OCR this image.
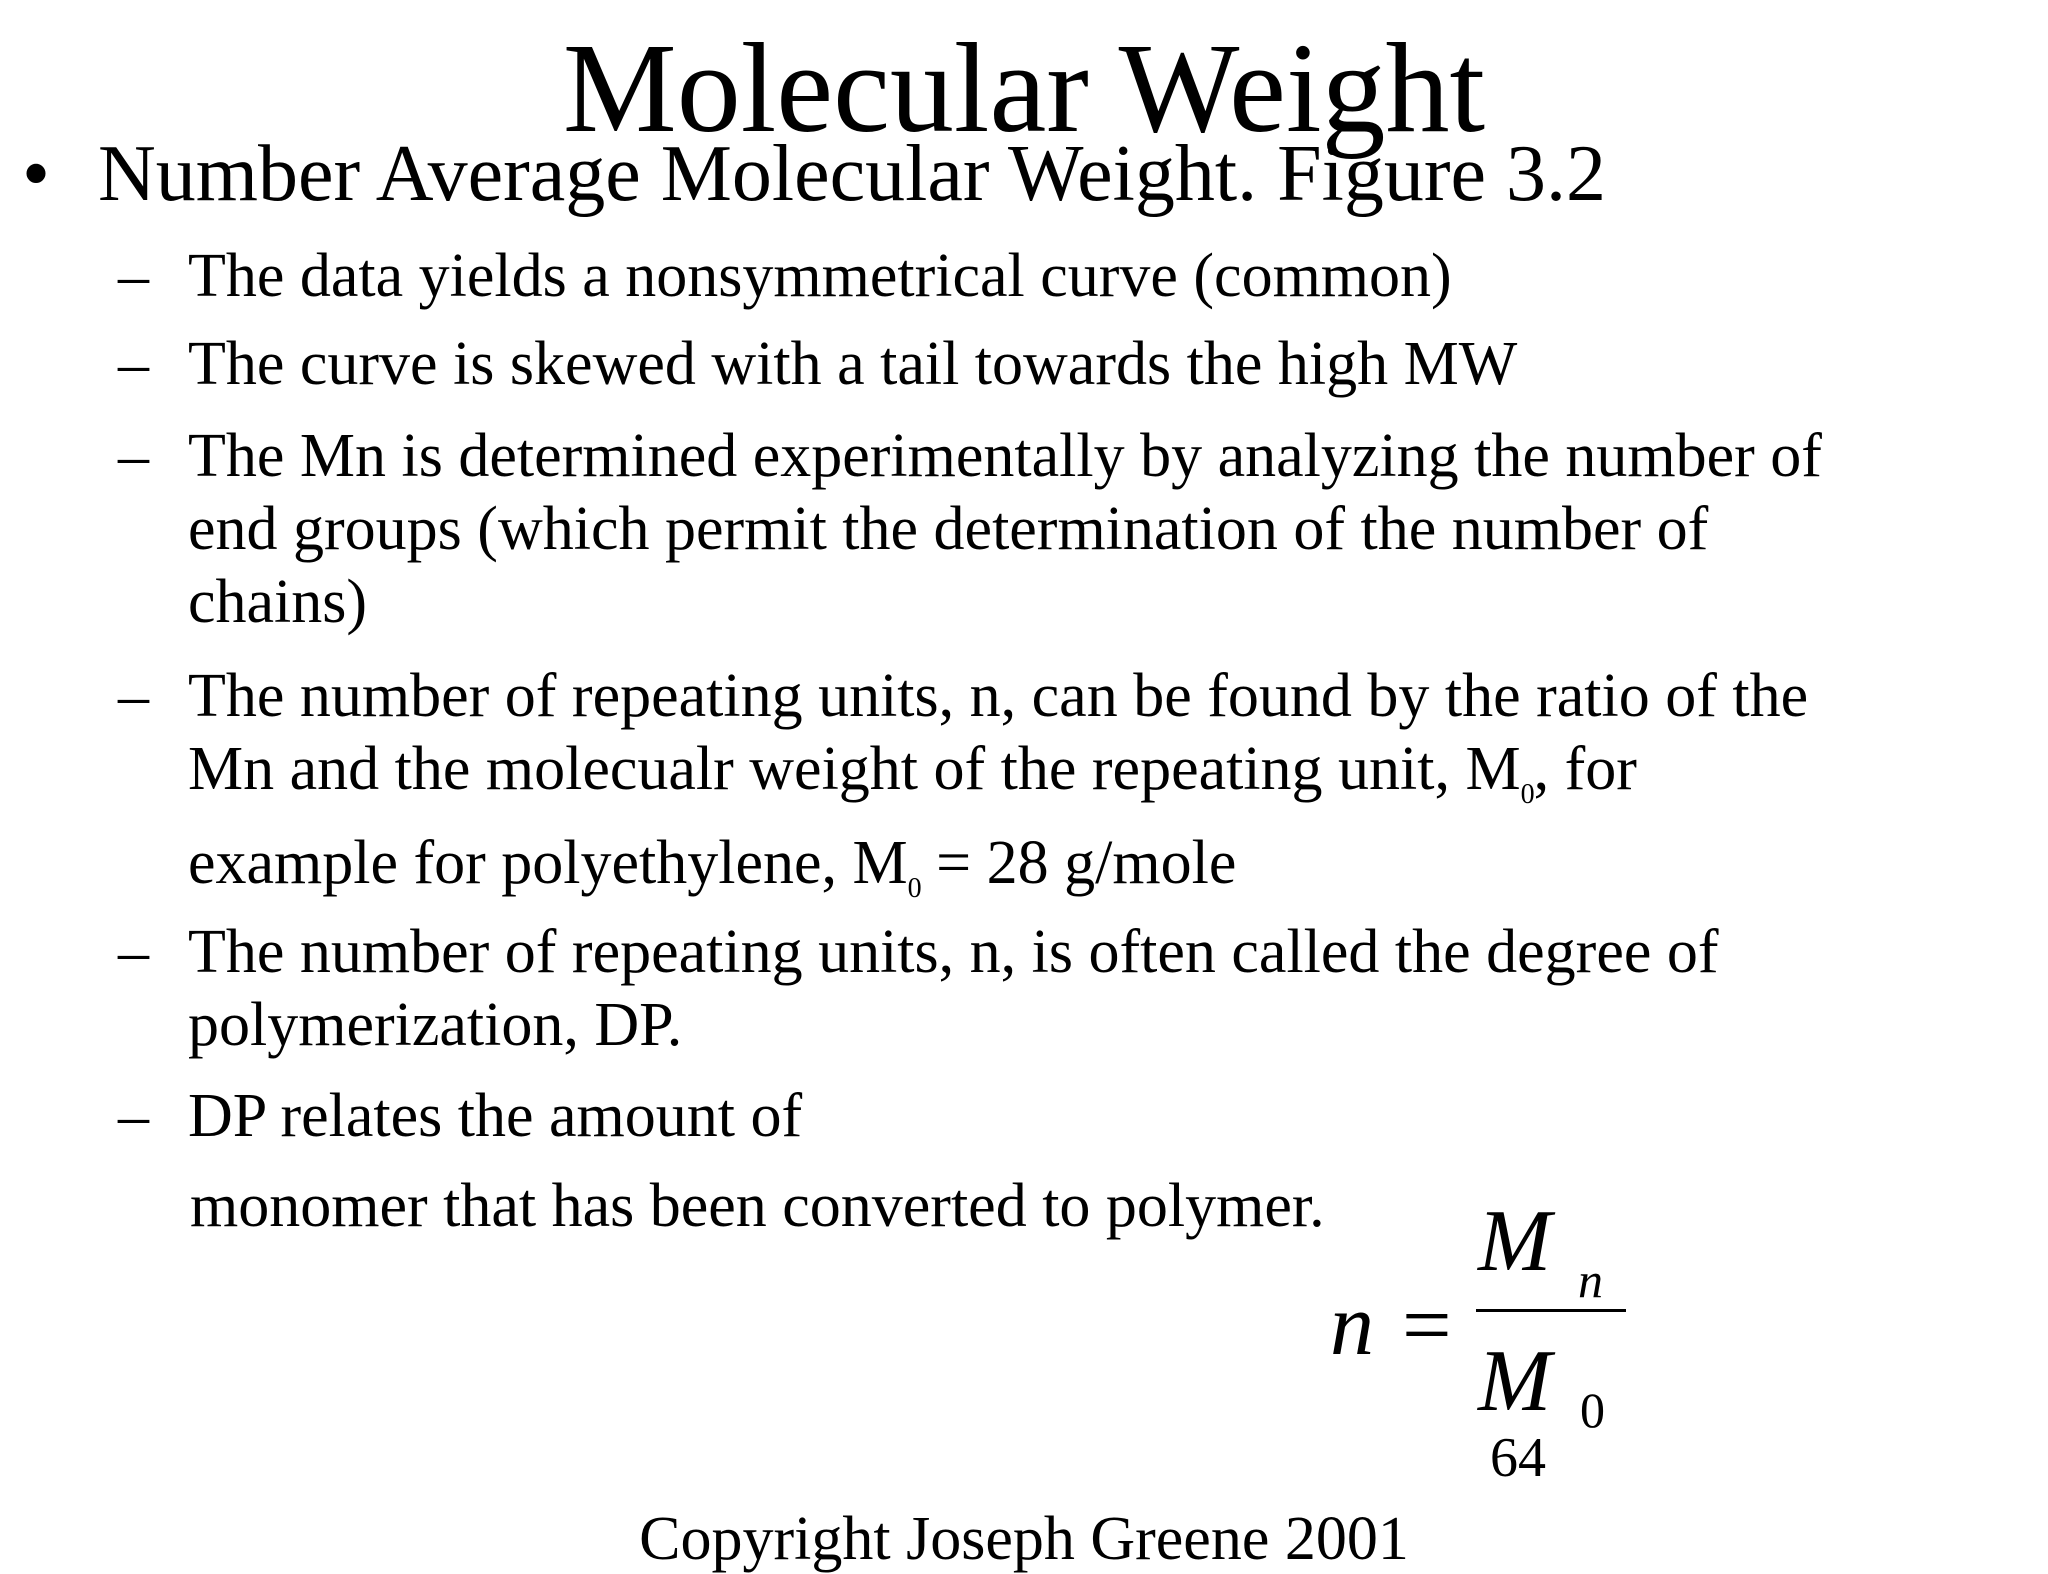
Molecular Weight
• Number Average Molecular Weight. Figure 3.2
– The data yields a nonsymmetrical curve (common)
– The curve is skewed with a tail towards the high MW
– The Mn is determined experimentally by analyzing the number of
end groups (which permit the determination of the number of
chains)
– The number of repeating units, n, can be found by the ratio of the
Mn and the molecualr weight of the repeating unit, $M_0$, for
example for polyethylene, $M_0 = 28$ g/mole
– The number of repeating units, n, is often called the degree of
polymerization, DP.
– DP relates the amount of
monomer that has been converted to polymer.
n =
M n
M 0
64
Copyright Joseph Greene 2001
